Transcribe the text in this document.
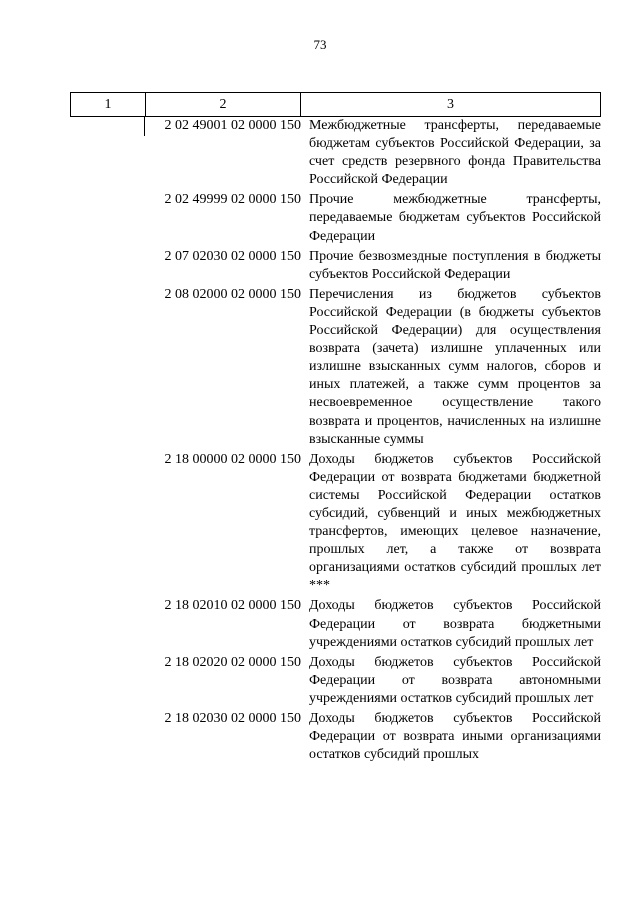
73
1	2	3
2 02 49001 02 0000 150 Межбюджетные трансферты, передаваемые бюджетам субъектов Российской Федерации, за счет средств резервного фонда Правительства Российской Федерации
2 02 49999 02 0000 150 Прочие межбюджетные трансферты, передаваемые бюджетам субъектов Российской Федерации
2 07 02030 02 0000 150 Прочие безвозмездные поступления в бюджеты субъектов Российской Федерации
2 08 02000 02 0000 150 Перечисления из бюджетов субъектов Российской Федерации (в бюджеты субъектов Российской Федерации) для осуществления возврата (зачета) излишне уплаченных или излишне взысканных сумм налогов, сборов и иных платежей, а также сумм процентов за несвоевременное осуществление такого возврата и процентов, начисленных на излишне взысканные суммы
2 18 00000 02 0000 150 Доходы бюджетов субъектов Российской Федерации от возврата бюджетами бюджетной системы Российской Федерации остатков субсидий, субвенций и иных межбюджетных трансфертов, имеющих целевое назначение, прошлых лет, а также от возврата организациями остатков субсидий прошлых лет ***
2 18 02010 02 0000 150 Доходы бюджетов субъектов Российской Федерации от возврата бюджетными учреждениями остатков субсидий прошлых лет
2 18 02020 02 0000 150 Доходы бюджетов субъектов Российской Федерации от возврата автономными учреждениями остатков субсидий прошлых лет
2 18 02030 02 0000 150 Доходы бюджетов субъектов Российской Федерации от возврата иными организациями остатков субсидий прошлых
